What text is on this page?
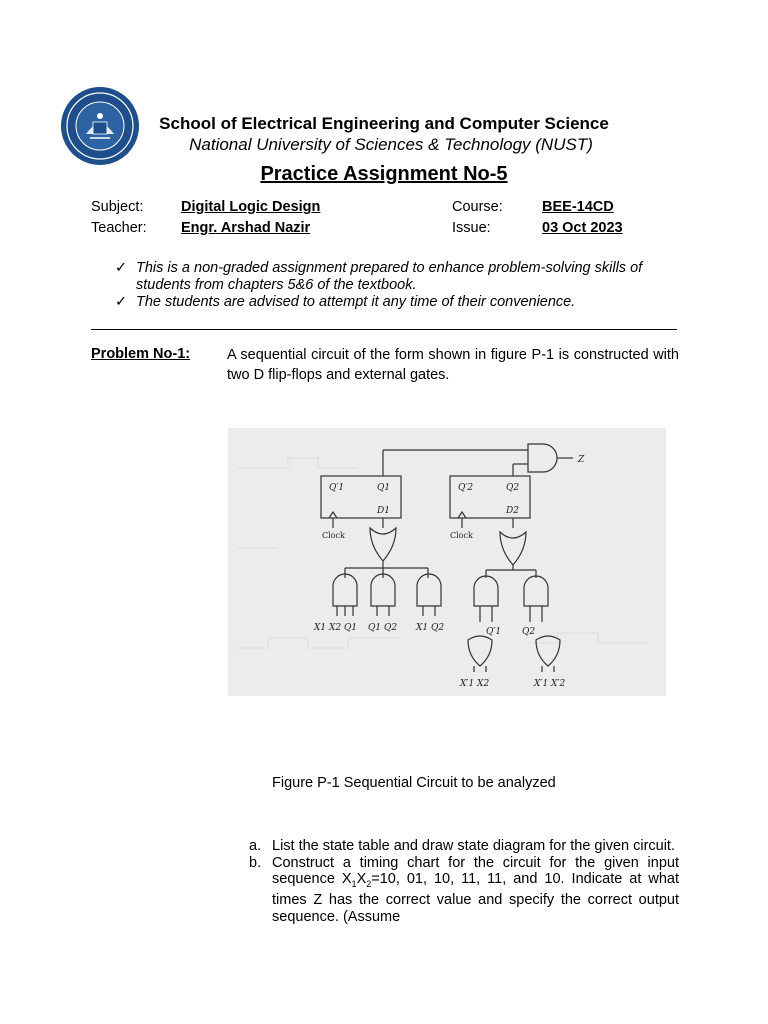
School of Electrical Engineering and Computer Science
National University of Sciences & Technology (NUST)
Practice Assignment No-5
Subject:	Digital Logic Design	Course:	BEE-14CD
Teacher: Engr. Arshad Nazir	Issue:	03 Oct 2023
✓ This is a non-graded assignment prepared to enhance problem-solving skills of students from chapters 5&6 of the textbook.
✓ The students are advised to attempt it any time of their convenience.
Problem No-1:	A sequential circuit of the form shown in figure P-1 is constructed with two D flip-flops and external gates.
Q′1	Q1
D1
Q′2	Q2
D2
Clock	Clock
Z
X1 X2 Q1 Q1 Q2 X1 Q2	Q′1 Q2
X′1 X2	X′1 X′2
Figure P-1 Sequential Circuit to be analyzed
a. List the state table and draw state diagram for the given circuit.
b. Construct a timing chart for the circuit for the given input sequence $X_1X_2=10$, 01, 10, 11, 11, and 10. Indicate at what times Z has the correct value and specify the correct output sequence. (Assume
